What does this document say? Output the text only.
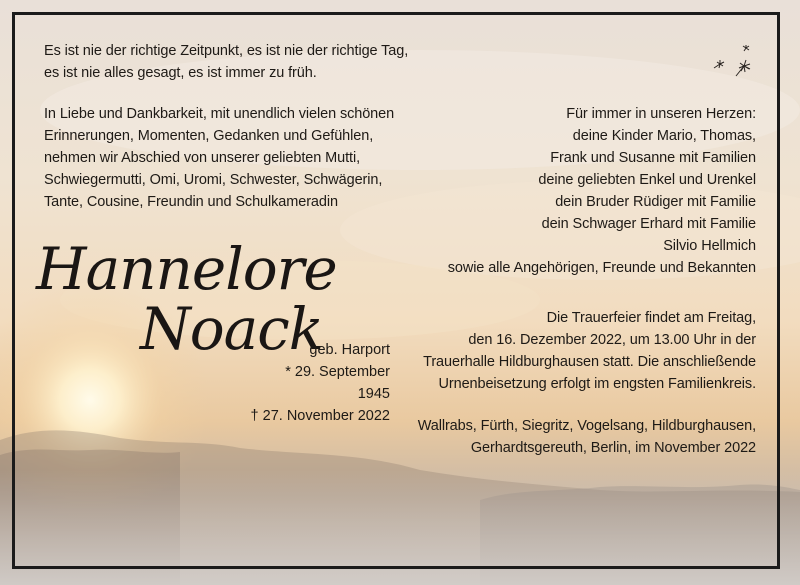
Es ist nie der richtige Zeitpunkt, es ist nie der richtige Tag,

es ist nie alles gesagt, es ist immer zu früh.

In Liebe und Dankbarkeit, mit unendlich vielen schönen

Erinnerungen, Momenten, Gedanken und Gefühlen,

nehmen wir Abschied von unserer geliebten Mutti,

Schwiegermutti, Omi, Uromi, Schwester, Schwägerin,

Tante, Cousine, Freundin und Schulkameradin

Hannelore
Noack
geb. Harport
* 29. September 1945
† 27. November 2022

Für immer in unseren Herzen:

deine Kinder Mario, Thomas,

Frank und Susanne mit Familien

deine geliebten Enkel und Urenkel

dein Bruder Rüdiger mit Familie

dein Schwager Erhard mit Familie

Silvio Hellmich

sowie alle Angehörigen, Freunde und Bekannten

Die Trauerfeier findet am Freitag,

den 16. Dezember 2022, um 13.00 Uhr in der

Trauerhalle Hildburghausen statt. Die anschließende

Urnenbeisetzung erfolgt im engsten Familienkreis.

Wallrabs, Fürth, Siegritz, Vogelsang, Hildburghausen,

Gerhardtsgereuth, Berlin, im November 2022
